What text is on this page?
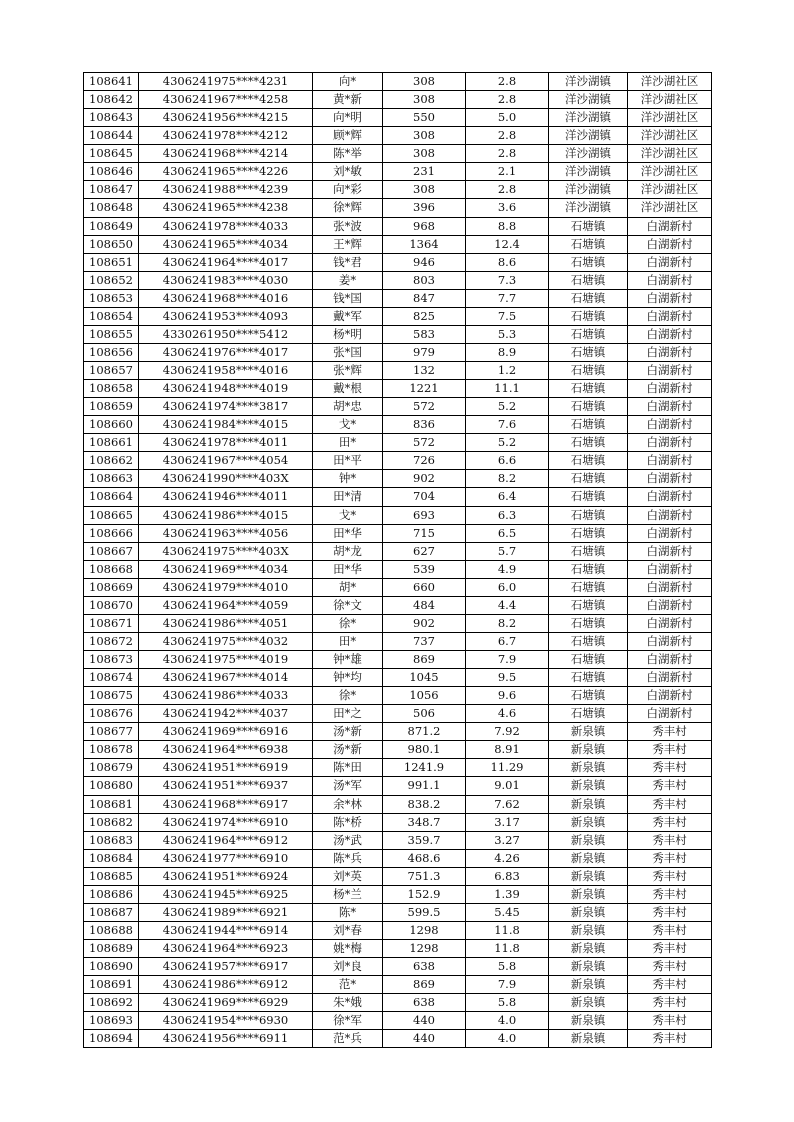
108641	4306241975****4231	向*	308	2.8	洋沙湖镇	洋沙湖社区
108642	4306241967****4258	黄*新	308	2.8	洋沙湖镇	洋沙湖社区
108643	4306241956****4215	向*明	550	5.0	洋沙湖镇	洋沙湖社区
108644	4306241978****4212	顾*辉	308	2.8	洋沙湖镇	洋沙湖社区
108645	4306241968****4214	陈*举	308	2.8	洋沙湖镇	洋沙湖社区
108646	4306241965****4226	刘*敏	231	2.1	洋沙湖镇	洋沙湖社区
108647	4306241988****4239	向*彩	308	2.8	洋沙湖镇	洋沙湖社区
108648	4306241965****4238	徐*辉	396	3.6	洋沙湖镇	洋沙湖社区
108649	4306241978****4033	张*波	968	8.8	石塘镇	白湖新村
108650	4306241965****4034	王*辉	1364	12.4	石塘镇	白湖新村
108651	4306241964****4017	钱*君	946	8.6	石塘镇	白湖新村
108652	4306241983****4030	姜*	803	7.3	石塘镇	白湖新村
108653	4306241968****4016	钱*国	847	7.7	石塘镇	白湖新村
108654	4306241953****4093	戴*军	825	7.5	石塘镇	白湖新村
108655	4330261950****5412	杨*明	583	5.3	石塘镇	白湖新村
108656	4306241976****4017	张*国	979	8.9	石塘镇	白湖新村
108657	4306241958****4016	张*辉	132	1.2	石塘镇	白湖新村
108658	4306241948****4019	戴*根	1221	11.1	石塘镇	白湖新村
108659	4306241974****3817	胡*忠	572	5.2	石塘镇	白湖新村
108660	4306241984****4015	戈*	836	7.6	石塘镇	白湖新村
108661	4306241978****4011	田*	572	5.2	石塘镇	白湖新村
108662	4306241967****4054	田*平	726	6.6	石塘镇	白湖新村
108663	4306241990****403X	钟*	902	8.2	石塘镇	白湖新村
108664	4306241946****4011	田*清	704	6.4	石塘镇	白湖新村
108665	4306241986****4015	戈*	693	6.3	石塘镇	白湖新村
108666	4306241963****4056	田*华	715	6.5	石塘镇	白湖新村
108667	4306241975****403X	胡*龙	627	5.7	石塘镇	白湖新村
108668	4306241969****4034	田*华	539	4.9	石塘镇	白湖新村
108669	4306241979****4010	胡*	660	6.0	石塘镇	白湖新村
108670	4306241964****4059	徐*文	484	4.4	石塘镇	白湖新村
108671	4306241986****4051	徐*	902	8.2	石塘镇	白湖新村
108672	4306241975****4032	田*	737	6.7	石塘镇	白湖新村
108673	4306241975****4019	钟*雄	869	7.9	石塘镇	白湖新村
108674	4306241967****4014	钟*均	1045	9.5	石塘镇	白湖新村
108675	4306241986****4033	徐*	1056	9.6	石塘镇	白湖新村
108676	4306241942****4037	田*之	506	4.6	石塘镇	白湖新村
108677	4306241969****6916	汤*新	871.2	7.92	新泉镇	秀丰村
108678	4306241964****6938	汤*新	980.1	8.91	新泉镇	秀丰村
108679	4306241951****6919	陈*田	1241.9	11.29	新泉镇	秀丰村
108680	4306241951****6937	汤*军	991.1	9.01	新泉镇	秀丰村
108681	4306241968****6917	余*林	838.2	7.62	新泉镇	秀丰村
108682	4306241974****6910	陈*桥	348.7	3.17	新泉镇	秀丰村
108683	4306241964****6912	汤*武	359.7	3.27	新泉镇	秀丰村
108684	4306241977****6910	陈*兵	468.6	4.26	新泉镇	秀丰村
108685	4306241951****6924	刘*英	751.3	6.83	新泉镇	秀丰村
108686	4306241945****6925	杨*兰	152.9	1.39	新泉镇	秀丰村
108687	4306241989****6921	陈*	599.5	5.45	新泉镇	秀丰村
108688	4306241944****6914	刘*春	1298	11.8	新泉镇	秀丰村
108689	4306241964****6923	姚*梅	1298	11.8	新泉镇	秀丰村
108690	4306241957****6917	刘*良	638	5.8	新泉镇	秀丰村
108691	4306241986****6912	范*	869	7.9	新泉镇	秀丰村
108692	4306241969****6929	朱*娥	638	5.8	新泉镇	秀丰村
108693	4306241954****6930	徐*军	440	4.0	新泉镇	秀丰村
108694	4306241956****6911	范*兵	440	4.0	新泉镇	秀丰村
